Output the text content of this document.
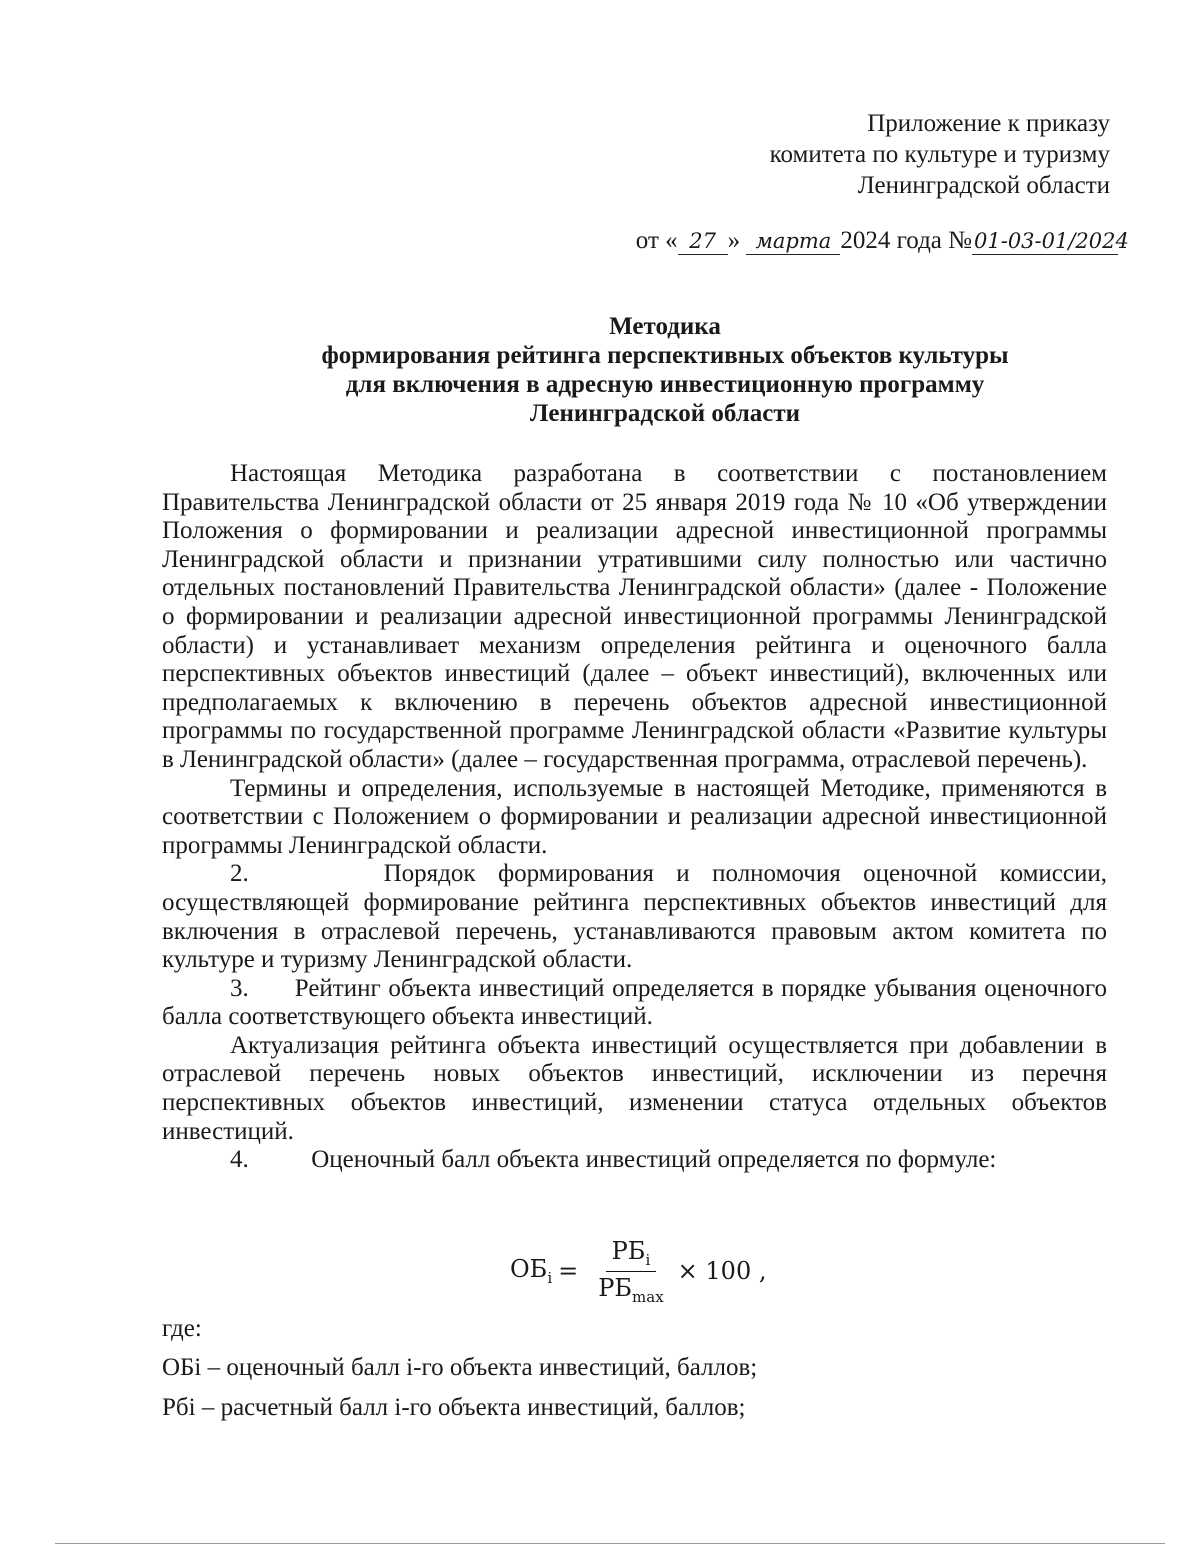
Приложение к приказу
комитета по культуре и туризму
Ленинградской области
от « 27 » марта 2024 года №01-03-01/2024
Методика
формирования рейтинга перспективных объектов культуры
для включения в адресную инвестиционную программу
Ленинградской области

Настоящая Методика разработана в соответствии с постановлением Правительства Ленинградской области от 25 января 2019 года № 10 «Об утверждении Положения о формировании и реализации адресной инвестиционной программы Ленинградской области и признании утратившими силу полностью или частично отдельных постановлений Правительства Ленинградской области» (далее - Положение о формировании и реализации адресной инвестиционной программы Ленинградской области) и устанавливает механизм определения рейтинга и оценочного балла перспективных объектов инвестиций (далее – объект инвестиций), включенных или предполагаемых к включению в перечень объектов адресной инвестиционной программы по государственной программе Ленинградской области «Развитие культуры в Ленинградской области» (далее – государственная программа, отраслевой перечень).

Термины и определения, используемые в настоящей Методике, применяются в соответствии с Положением о формировании и реализации адресной инвестиционной программы Ленинградской области.

2.	Порядок формирования и полномочия оценочной комиссии, осуществляющей формирование рейтинга перспективных объектов инвестиций для включения в отраслевой перечень, устанавливаются правовым актом комитета по культуре и туризму Ленинградской области.

3. Рейтинг объекта инвестиций определяется в порядке убывания оценочного балла соответствующего объекта инвестиций.

Актуализация рейтинга объекта инвестиций осуществляется при добавлении в отраслевой перечень новых объектов инвестиций, исключении из перечня перспективных объектов инвестиций, изменении статуса отдельных объектов инвестиций.

4.	Оценочный балл объекта инвестиций определяется по формуле:

$ОБ_i = \frac{РБ_i}{РБ_{max}} \times 100$ ,
где:
ОБi – оценочный балл i-го объекта инвестиций, баллов;
Рбi – расчетный балл i-го объекта инвестиций, баллов;
